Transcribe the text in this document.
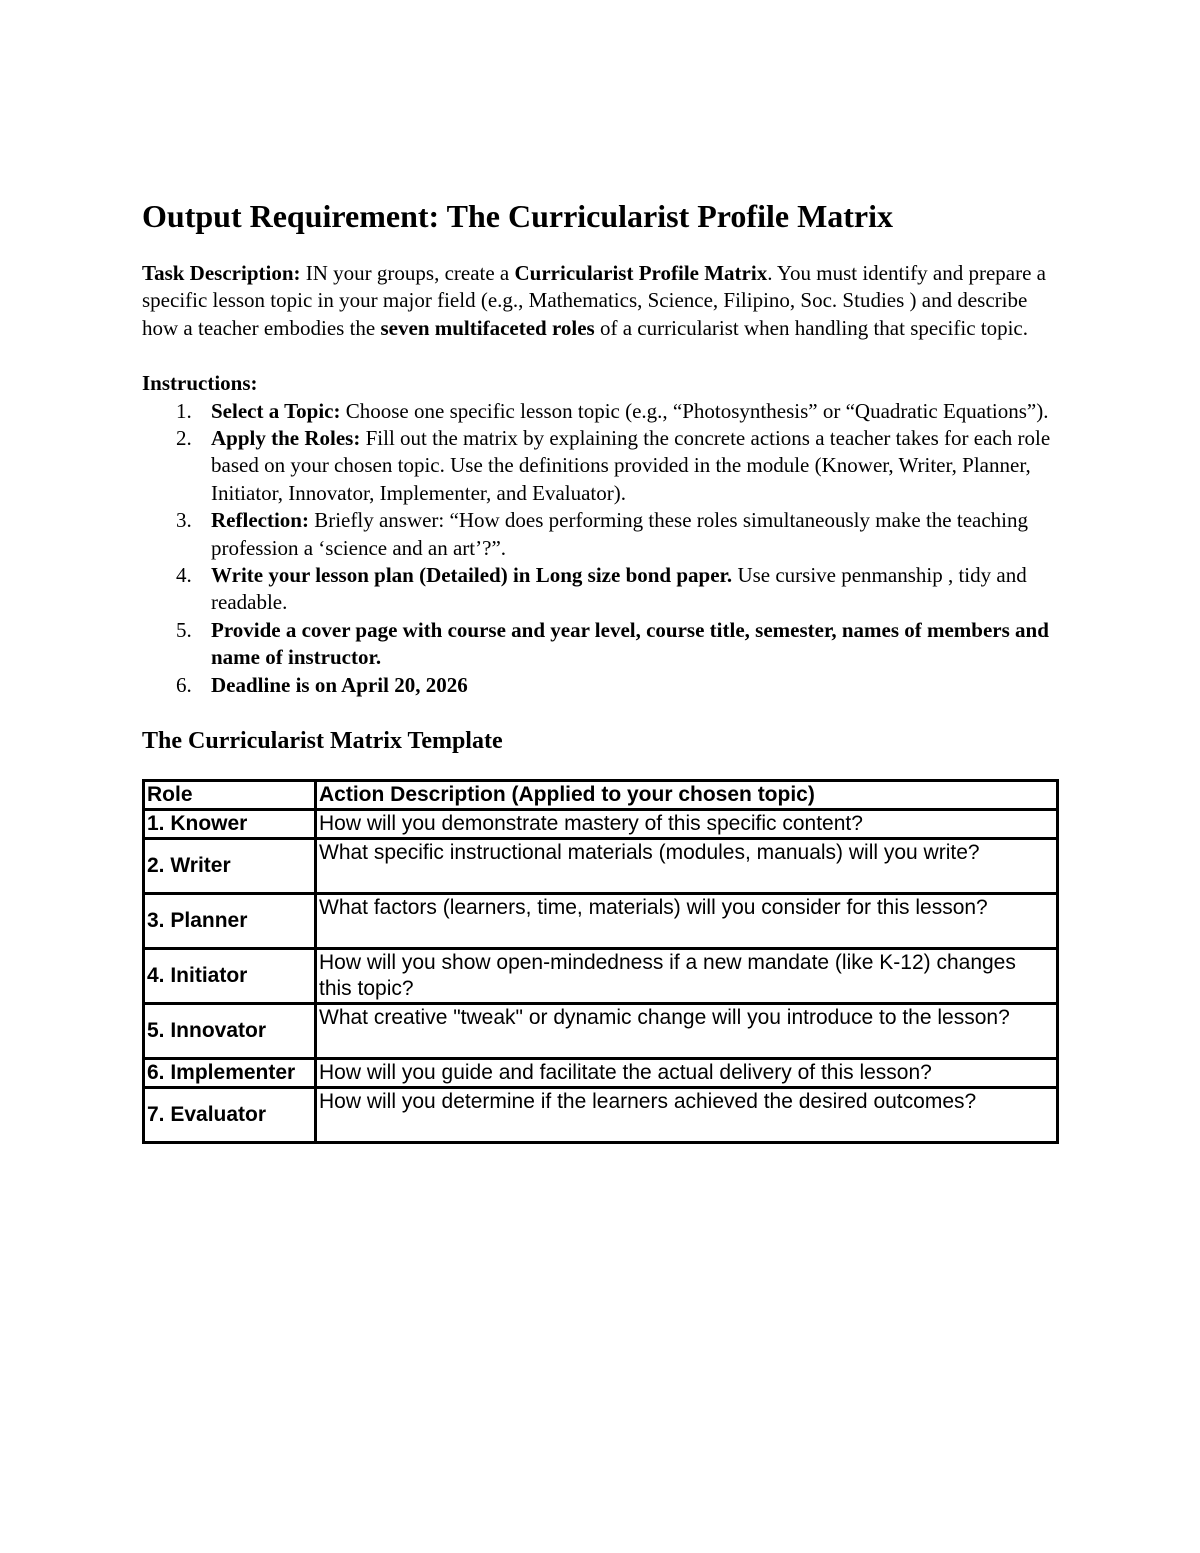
Output Requirement: The Curricularist Profile Matrix

Task Description: IN your groups, create a Curricularist Profile Matrix. You must identify and prepare a specific lesson topic in your major field (e.g., Mathematics, Science, Filipino, Soc. Studies ) and describe how a teacher embodies the seven multifaceted roles of a curricularist when handling that specific topic.

Instructions:
1. Select a Topic: Choose one specific lesson topic (e.g., “Photosynthesis” or “Quadratic Equations”).
2. Apply the Roles: Fill out the matrix by explaining the concrete actions a teacher takes for each role based on your chosen topic. Use the definitions provided in the module (Knower, Writer, Planner, Initiator, Innovator, Implementer, and Evaluator).
3. Reflection: Briefly answer: “How does performing these roles simultaneously make the teaching profession a ‘science and an art’?”.
4. Write your lesson plan (Detailed) in Long size bond paper. Use cursive penmanship , tidy and readable.
5. Provide a cover page with course and year level, course title, semester, names of members and name of instructor.
6. Deadline is on April 20, 2026
The Curricularist Matrix Template
Role	Action Description (Applied to your chosen topic)
1. Knower	How will you demonstrate mastery of this specific content?
2. Writer	What specific instructional materials (modules, manuals) will you write?
3. Planner	What factors (learners, time, materials) will you consider for this lesson?
4. Initiator	How will you show open-mindedness if a new mandate (like K-12) changes this topic?
5. Innovator	What creative "tweak" or dynamic change will you introduce to the lesson?
6. Implementer	How will you guide and facilitate the actual delivery of this lesson?
7. Evaluator	How will you determine if the learners achieved the desired outcomes?
